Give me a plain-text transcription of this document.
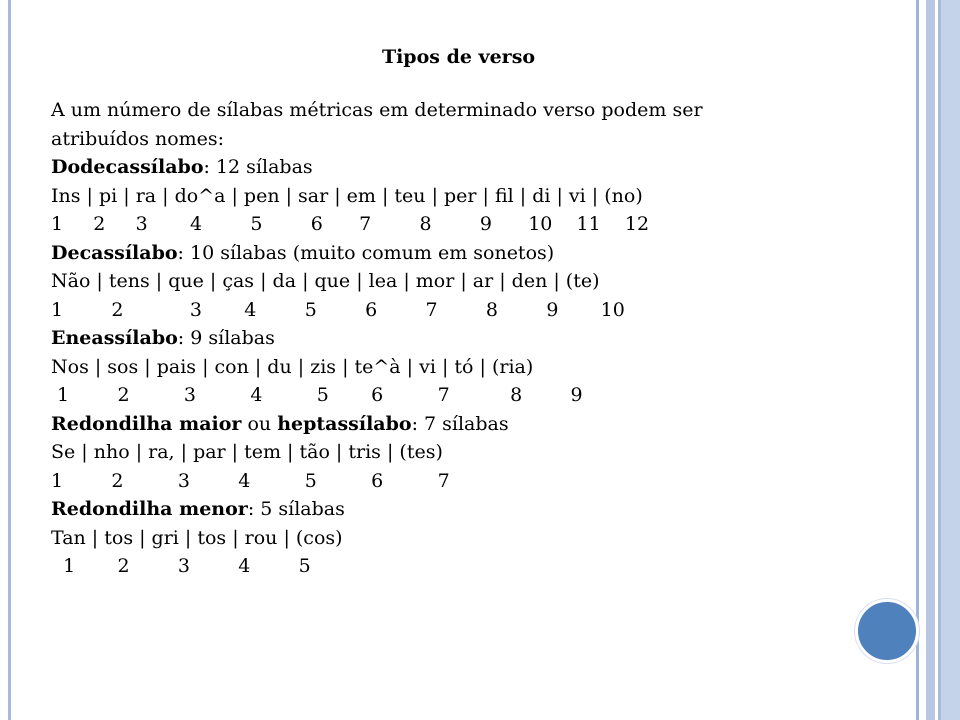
Tipos de verso
A um número de sílabas métricas em determinado verso podem ser
atribuídos nomes:
Dodecassílabo: 12 sílabas
Ins | pi | ra | do^a | pen | sar | em | teu | per | fil | di | vi | (no)
1     2     3       4        5        6      7        8        9      10    11    12
Decassílabo: 10 sílabas (muito comum em sonetos)
Não | tens | que | ças | da | que | lea | mor | ar | den | (te)
1        2           3       4        5        6        7        8        9       10
Eneassílabo: 9 sílabas
Nos | sos | pais | con | du | zis | te^à | vi | tó | (ria)
1        2         3         4         5       6         7          8        9
Redondilha maior ou heptassílabo: 7 sílabas
Se | nho | ra, | par | tem | tão | tris | (tes)
1        2         3        4         5         6         7
Redondilha menor: 5 sílabas
Tan | tos | gri | tos | rou | (cos)
1       2        3        4        5
